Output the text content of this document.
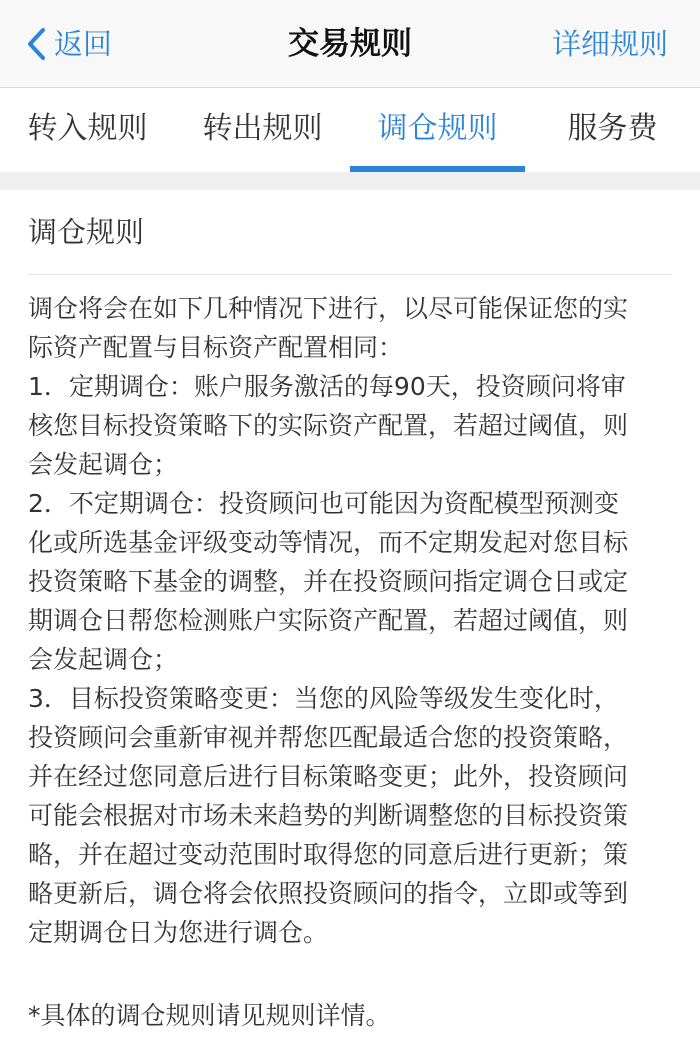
返回	交易规则	详细规则
转入规则	转出规则	调仓规则	服务费
调仓规则

调仓将会在如下几种情况下进行，以尽可能保证您的实

际资产配置与目标资产配置相同：

1．定期调仓：账户服务激活的每90天，投资顾问将审

核您目标投资策略下的实际资产配置，若超过阈值，则

会发起调仓；

2．不定期调仓：投资顾问也可能因为资配模型预测变

化或所选基金评级变动等情况，而不定期发起对您目标

投资策略下基金的调整，并在投资顾问指定调仓日或定

期调仓日帮您检测账户实际资产配置，若超过阈值，则

会发起调仓；

3．目标投资策略变更：当您的风险等级发生变化时，

投资顾问会重新审视并帮您匹配最适合您的投资策略，

并在经过您同意后进行目标策略变更；此外，投资顾问

可能会根据对市场未来趋势的判断调整您的目标投资策

略，并在超过变动范围时取得您的同意后进行更新；策

略更新后，调仓将会依照投资顾问的指令，立即或等到

定期调仓日为您进行调仓。

*具体的调仓规则请见规则详情。
